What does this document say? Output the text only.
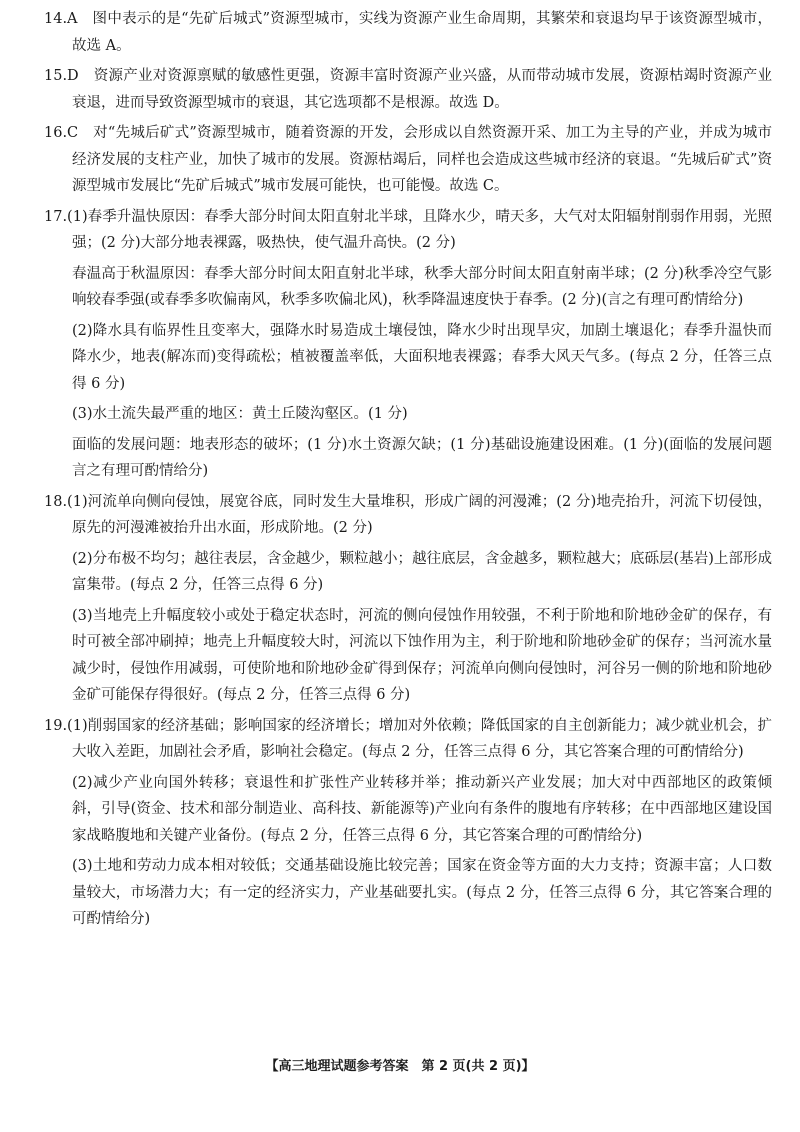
14.A　图中表示的是“先矿后城式”资源型城市，实线为资源产业生命周期，其繁荣和衰退均早于该资源型城市，故选 A。

15.D　资源产业对资源禀赋的敏感性更强，资源丰富时资源产业兴盛，从而带动城市发展，资源枯竭时资源产业衰退，进而导致资源型城市的衰退，其它选项都不是根源。故选 D。

16.C　对“先城后矿式”资源型城市，随着资源的开发，会形成以自然资源开采、加工为主导的产业，并成为城市经济发展的支柱产业，加快了城市的发展。资源枯竭后，同样也会造成这些城市经济的衰退。“先城后矿式”资源型城市发展比“先矿后城式”城市发展可能快，也可能慢。故选 C。

17.(1)春季升温快原因：春季大部分时间太阳直射北半球，且降水少，晴天多，大气对太阳辐射削弱作用弱，光照强；(2 分)大部分地表裸露，吸热快，使气温升高快。(2 分)

春温高于秋温原因：春季大部分时间太阳直射北半球，秋季大部分时间太阳直射南半球；(2 分)秋季冷空气影响较春季强(或春季多吹偏南风，秋季多吹偏北风)，秋季降温速度快于春季。(2 分)(言之有理可酌情给分)

(2)降水具有临界性且变率大，强降水时易造成土壤侵蚀，降水少时出现旱灾，加剧土壤退化；春季升温快而降水少，地表(解冻而)变得疏松；植被覆盖率低，大面积地表裸露；春季大风天气多。(每点 2 分，任答三点得 6 分)

(3)水土流失最严重的地区：黄土丘陵沟壑区。(1 分)

面临的发展问题：地表形态的破坏；(1 分)水土资源欠缺；(1 分)基础设施建设困难。(1 分)(面临的发展问题言之有理可酌情给分)

18.(1)河流单向侧向侵蚀，展宽谷底，同时发生大量堆积，形成广阔的河漫滩；(2 分)地壳抬升，河流下切侵蚀，原先的河漫滩被抬升出水面，形成阶地。(2 分)

(2)分布极不均匀；越往表层，含金越少，颗粒越小；越往底层，含金越多，颗粒越大；底砾层(基岩)上部形成富集带。(每点 2 分，任答三点得 6 分)

(3)当地壳上升幅度较小或处于稳定状态时，河流的侧向侵蚀作用较强，不利于阶地和阶地砂金矿的保存，有时可被全部冲刷掉；地壳上升幅度较大时，河流以下蚀作用为主，利于阶地和阶地砂金矿的保存；当河流水量减少时，侵蚀作用减弱，可使阶地和阶地砂金矿得到保存；河流单向侧向侵蚀时，河谷另一侧的阶地和阶地砂金矿可能保存得很好。(每点 2 分，任答三点得 6 分)

19.(1)削弱国家的经济基础；影响国家的经济增长；增加对外依赖；降低国家的自主创新能力；减少就业机会，扩大收入差距，加剧社会矛盾，影响社会稳定。(每点 2 分，任答三点得 6 分，其它答案合理的可酌情给分)

(2)减少产业向国外转移；衰退性和扩张性产业转移并举；推动新兴产业发展；加大对中西部地区的政策倾斜，引导(资金、技术和部分制造业、高科技、新能源等)产业向有条件的腹地有序转移；在中西部地区建设国家战略腹地和关键产业备份。(每点 2 分，任答三点得 6 分，其它答案合理的可酌情给分)

(3)土地和劳动力成本相对较低；交通基础设施比较完善；国家在资金等方面的大力支持；资源丰富；人口数量较大，市场潜力大；有一定的经济实力，产业基础要扎实。(每点 2 分，任答三点得 6 分，其它答案合理的可酌情给分)

【高三地理试题参考答案　第 2 页(共 2 页)】
